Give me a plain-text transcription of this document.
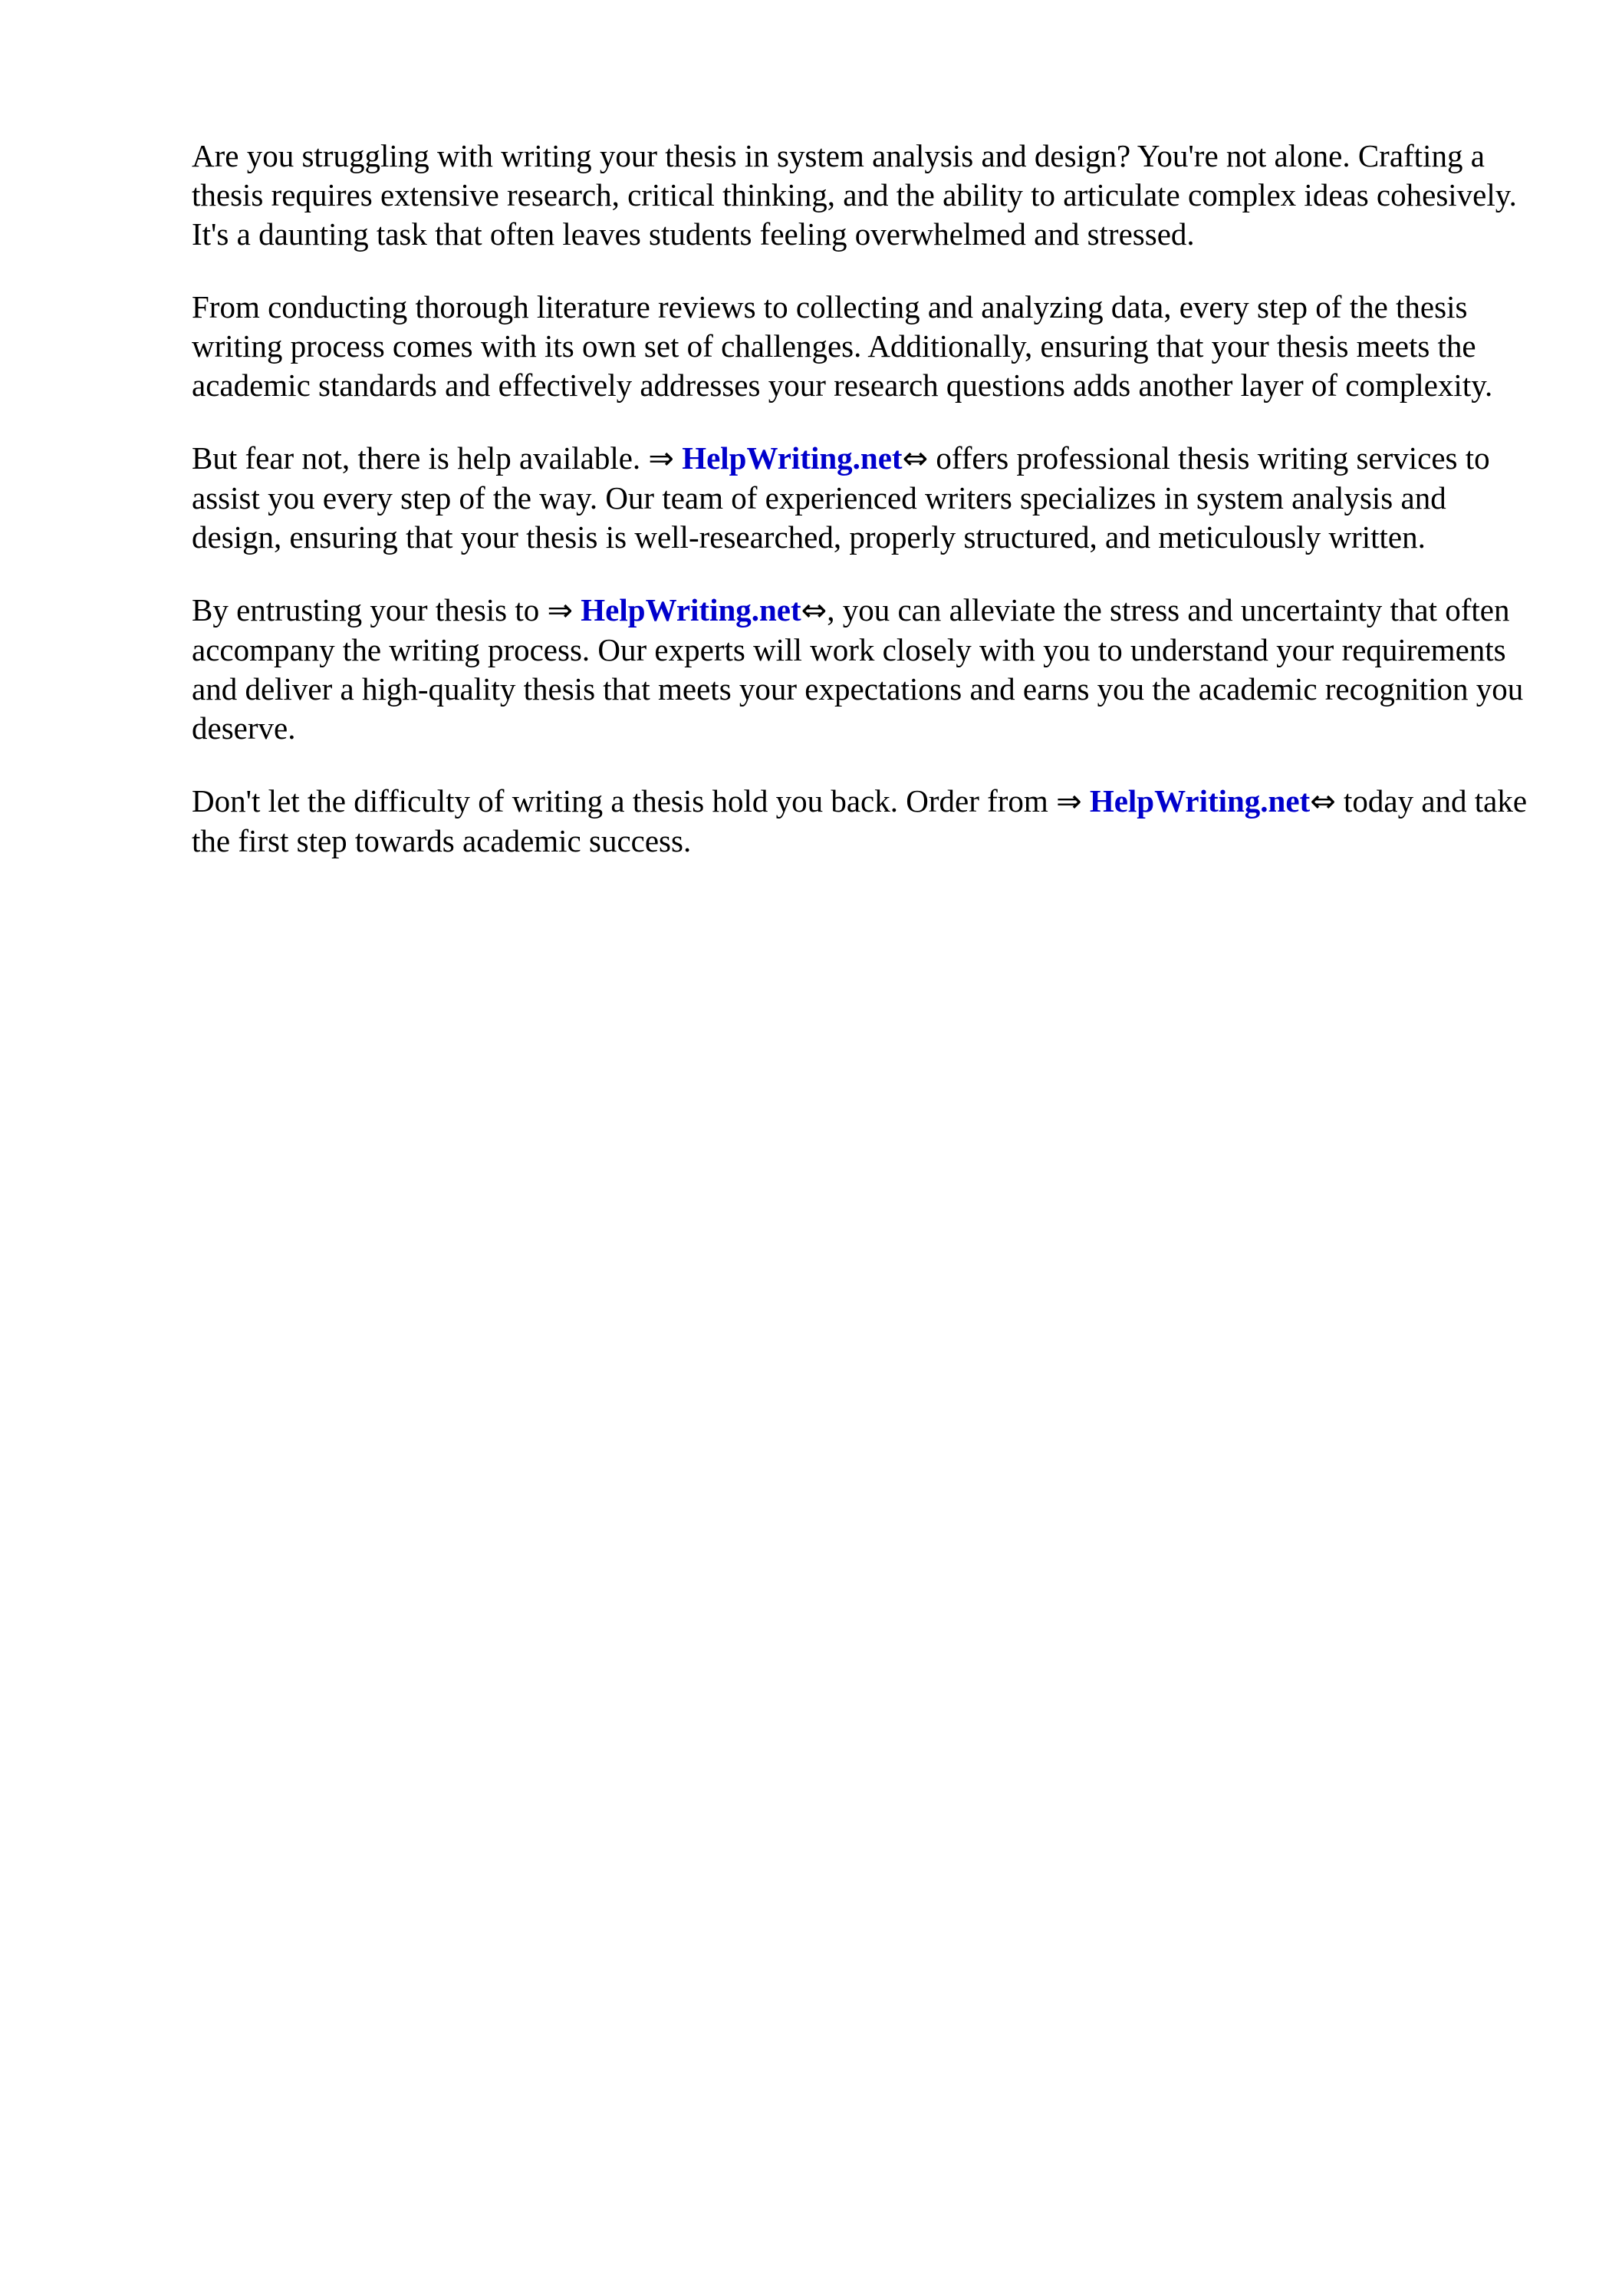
Are you struggling with writing your thesis in system analysis and design? You're not alone. Crafting a thesis requires extensive research, critical thinking, and the ability to articulate complex ideas cohesively. It's a daunting task that often leaves students feeling overwhelmed and stressed.

From conducting thorough literature reviews to collecting and analyzing data, every step of the thesis writing process comes with its own set of challenges. Additionally, ensuring that your thesis meets the academic standards and effectively addresses your research questions adds another layer of complexity.

But fear not, there is help available. ⇒ HelpWriting.net⇔ offers professional thesis writing services to assist you every step of the way. Our team of experienced writers specializes in system analysis and design, ensuring that your thesis is well-researched, properly structured, and meticulously written.

By entrusting your thesis to ⇒ HelpWriting.net⇔, you can alleviate the stress and uncertainty that often accompany the writing process. Our experts will work closely with you to understand your requirements and deliver a high-quality thesis that meets your expectations and earns you the academic recognition you deserve.

Don't let the difficulty of writing a thesis hold you back. Order from ⇒ HelpWriting.net⇔ today and take the first step towards academic success.
